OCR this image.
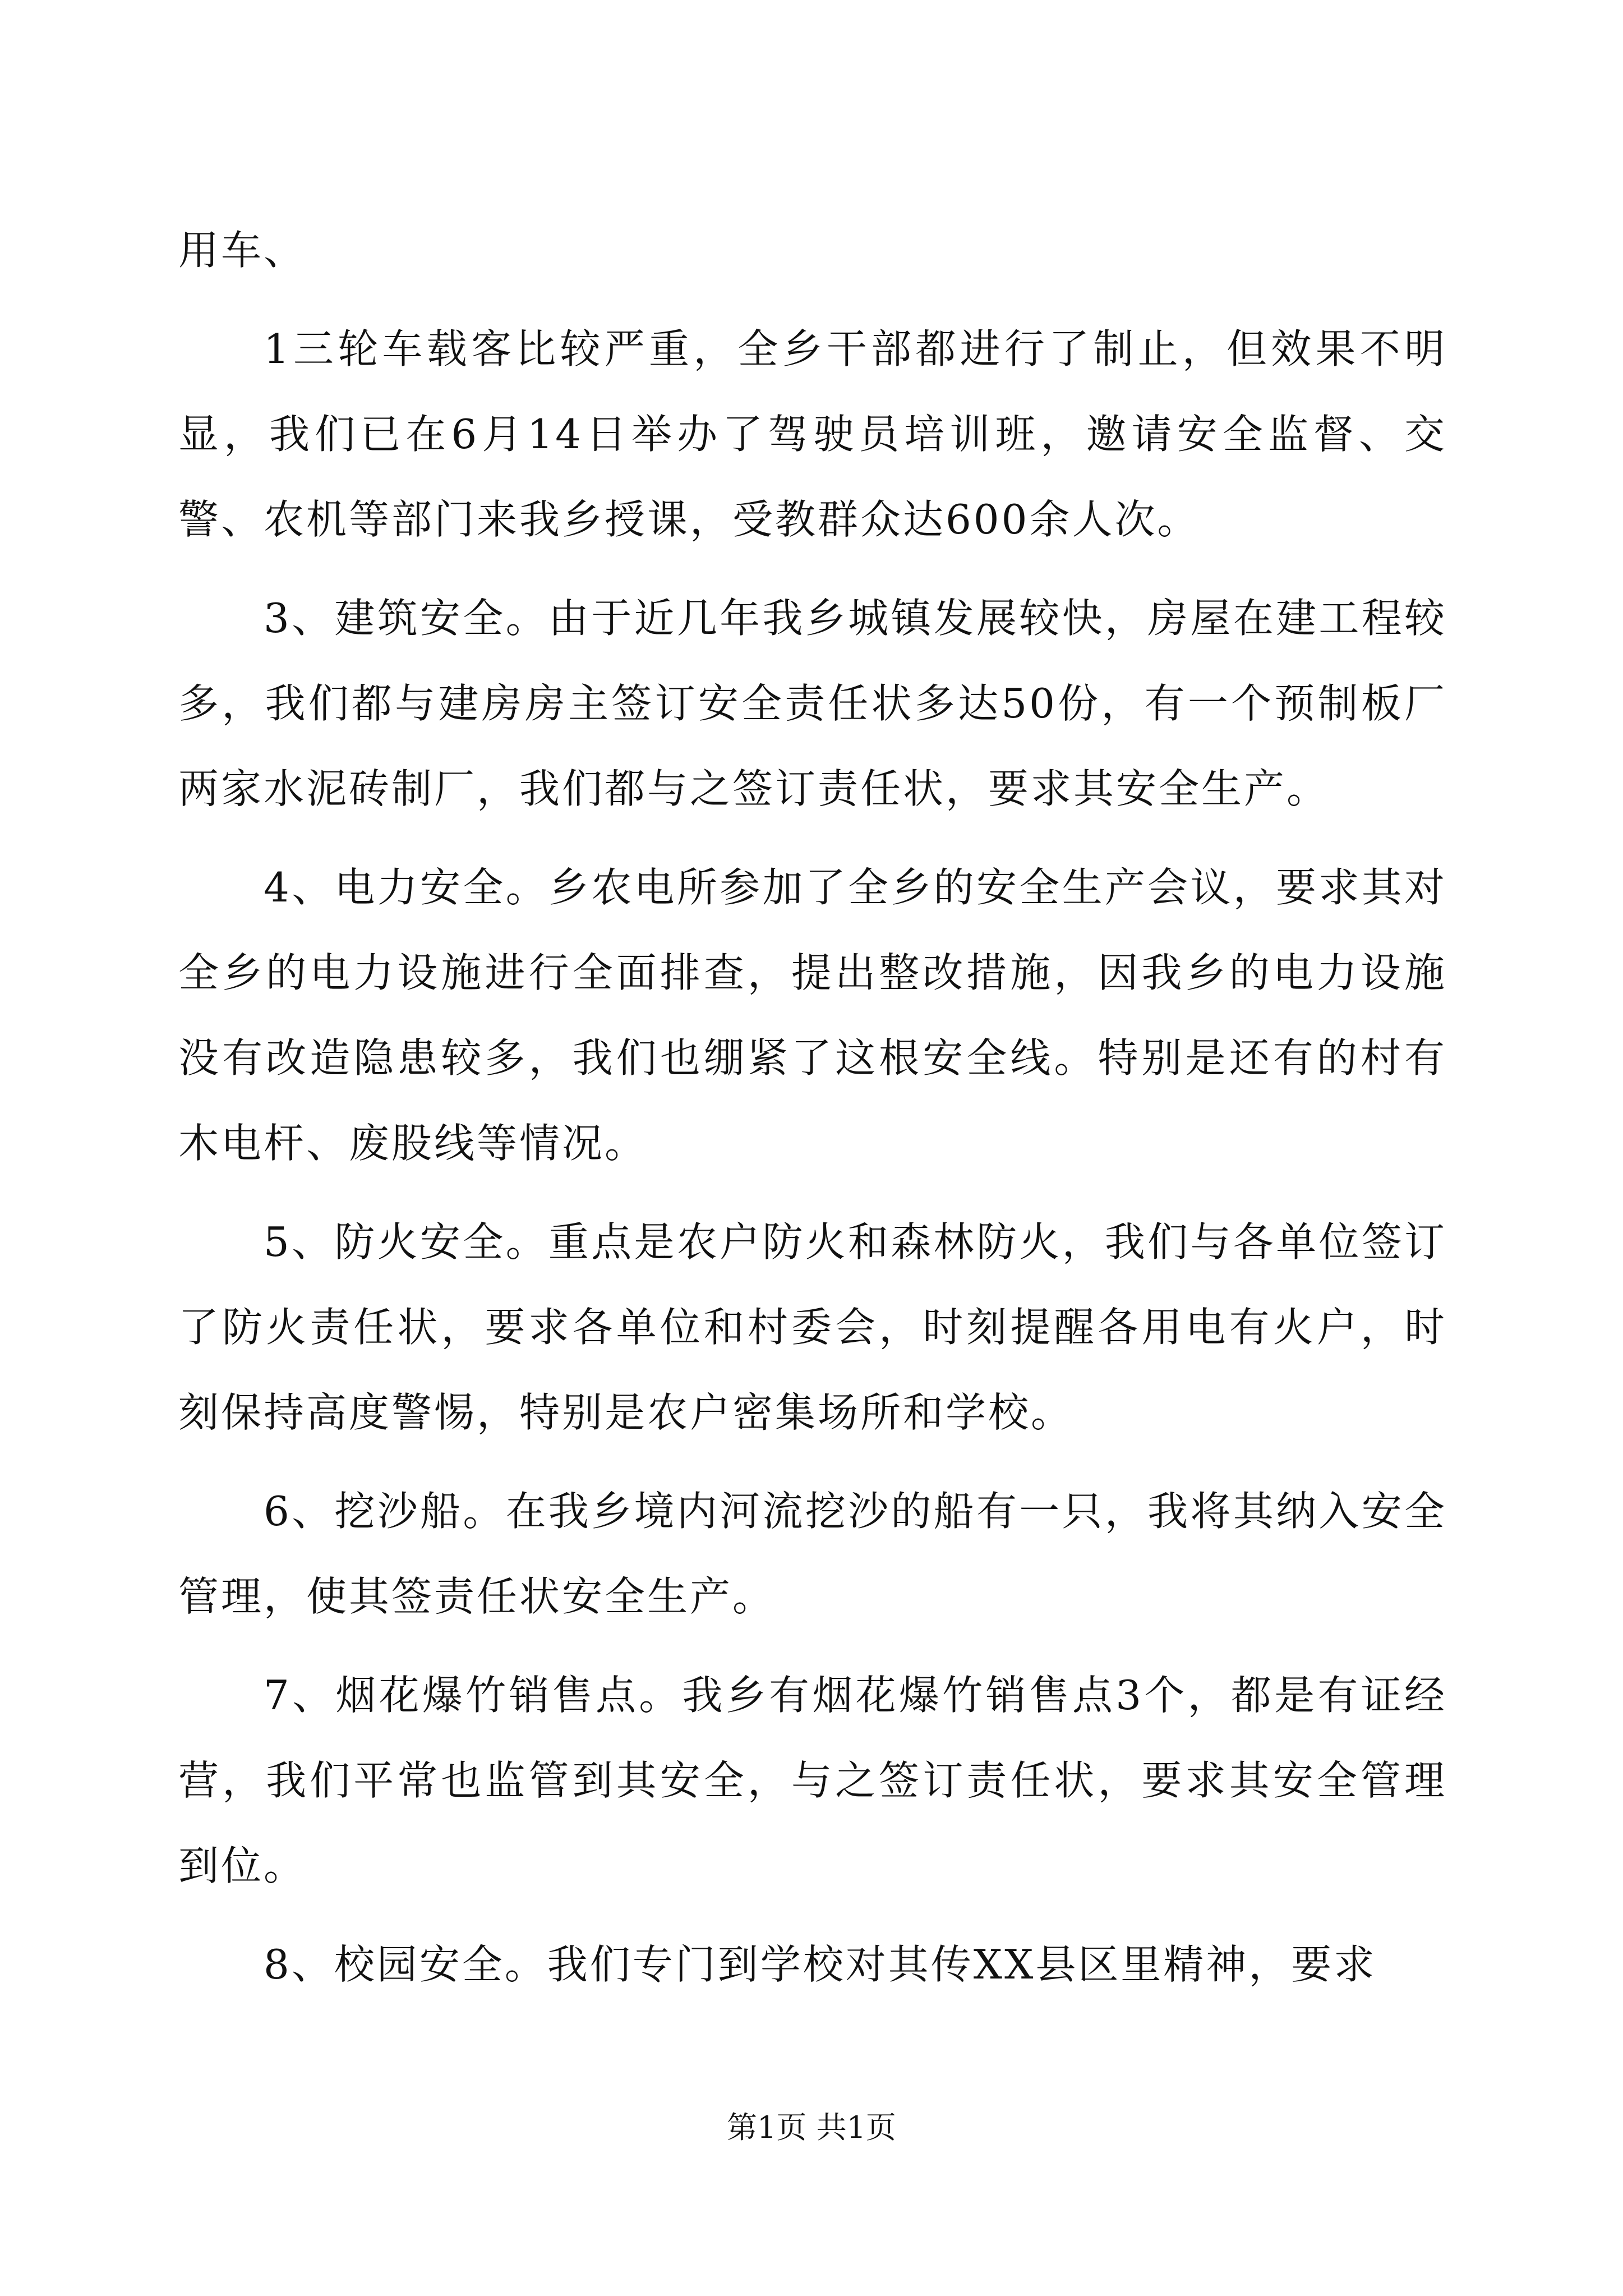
用车、

1三轮车载客比较严重，全乡干部都进行了制止，但效果不明显，我们已在6月14日举办了驾驶员培训班，邀请安全监督、交警、农机等部门来我乡授课，受教群众达600余人次。

3、建筑安全。由于近几年我乡城镇发展较快，房屋在建工程较多，我们都与建房房主签订安全责任状多达50份，有一个预制板厂两家水泥砖制厂，我们都与之签订责任状，要求其安全生产。

4、电力安全。乡农电所参加了全乡的安全生产会议，要求其对全乡的电力设施进行全面排查，提出整改措施，因我乡的电力设施没有改造隐患较多，我们也绷紧了这根安全线。特别是还有的村有木电杆、废股线等情况。

5、防火安全。重点是农户防火和森林防火，我们与各单位签订了防火责任状，要求各单位和村委会，时刻提醒各用电有火户，时刻保持高度警惕，特别是农户密集场所和学校。

6、挖沙船。在我乡境内河流挖沙的船有一只，我将其纳入安全管理，使其签责任状安全生产。

7、烟花爆竹销售点。我乡有烟花爆竹销售点3个，都是有证经营，我们平常也监管到其安全，与之签订责任状，要求其安全管理到位。

8、校园安全。我们专门到学校对其传XX县区里精神，要求

第1页 共1页
